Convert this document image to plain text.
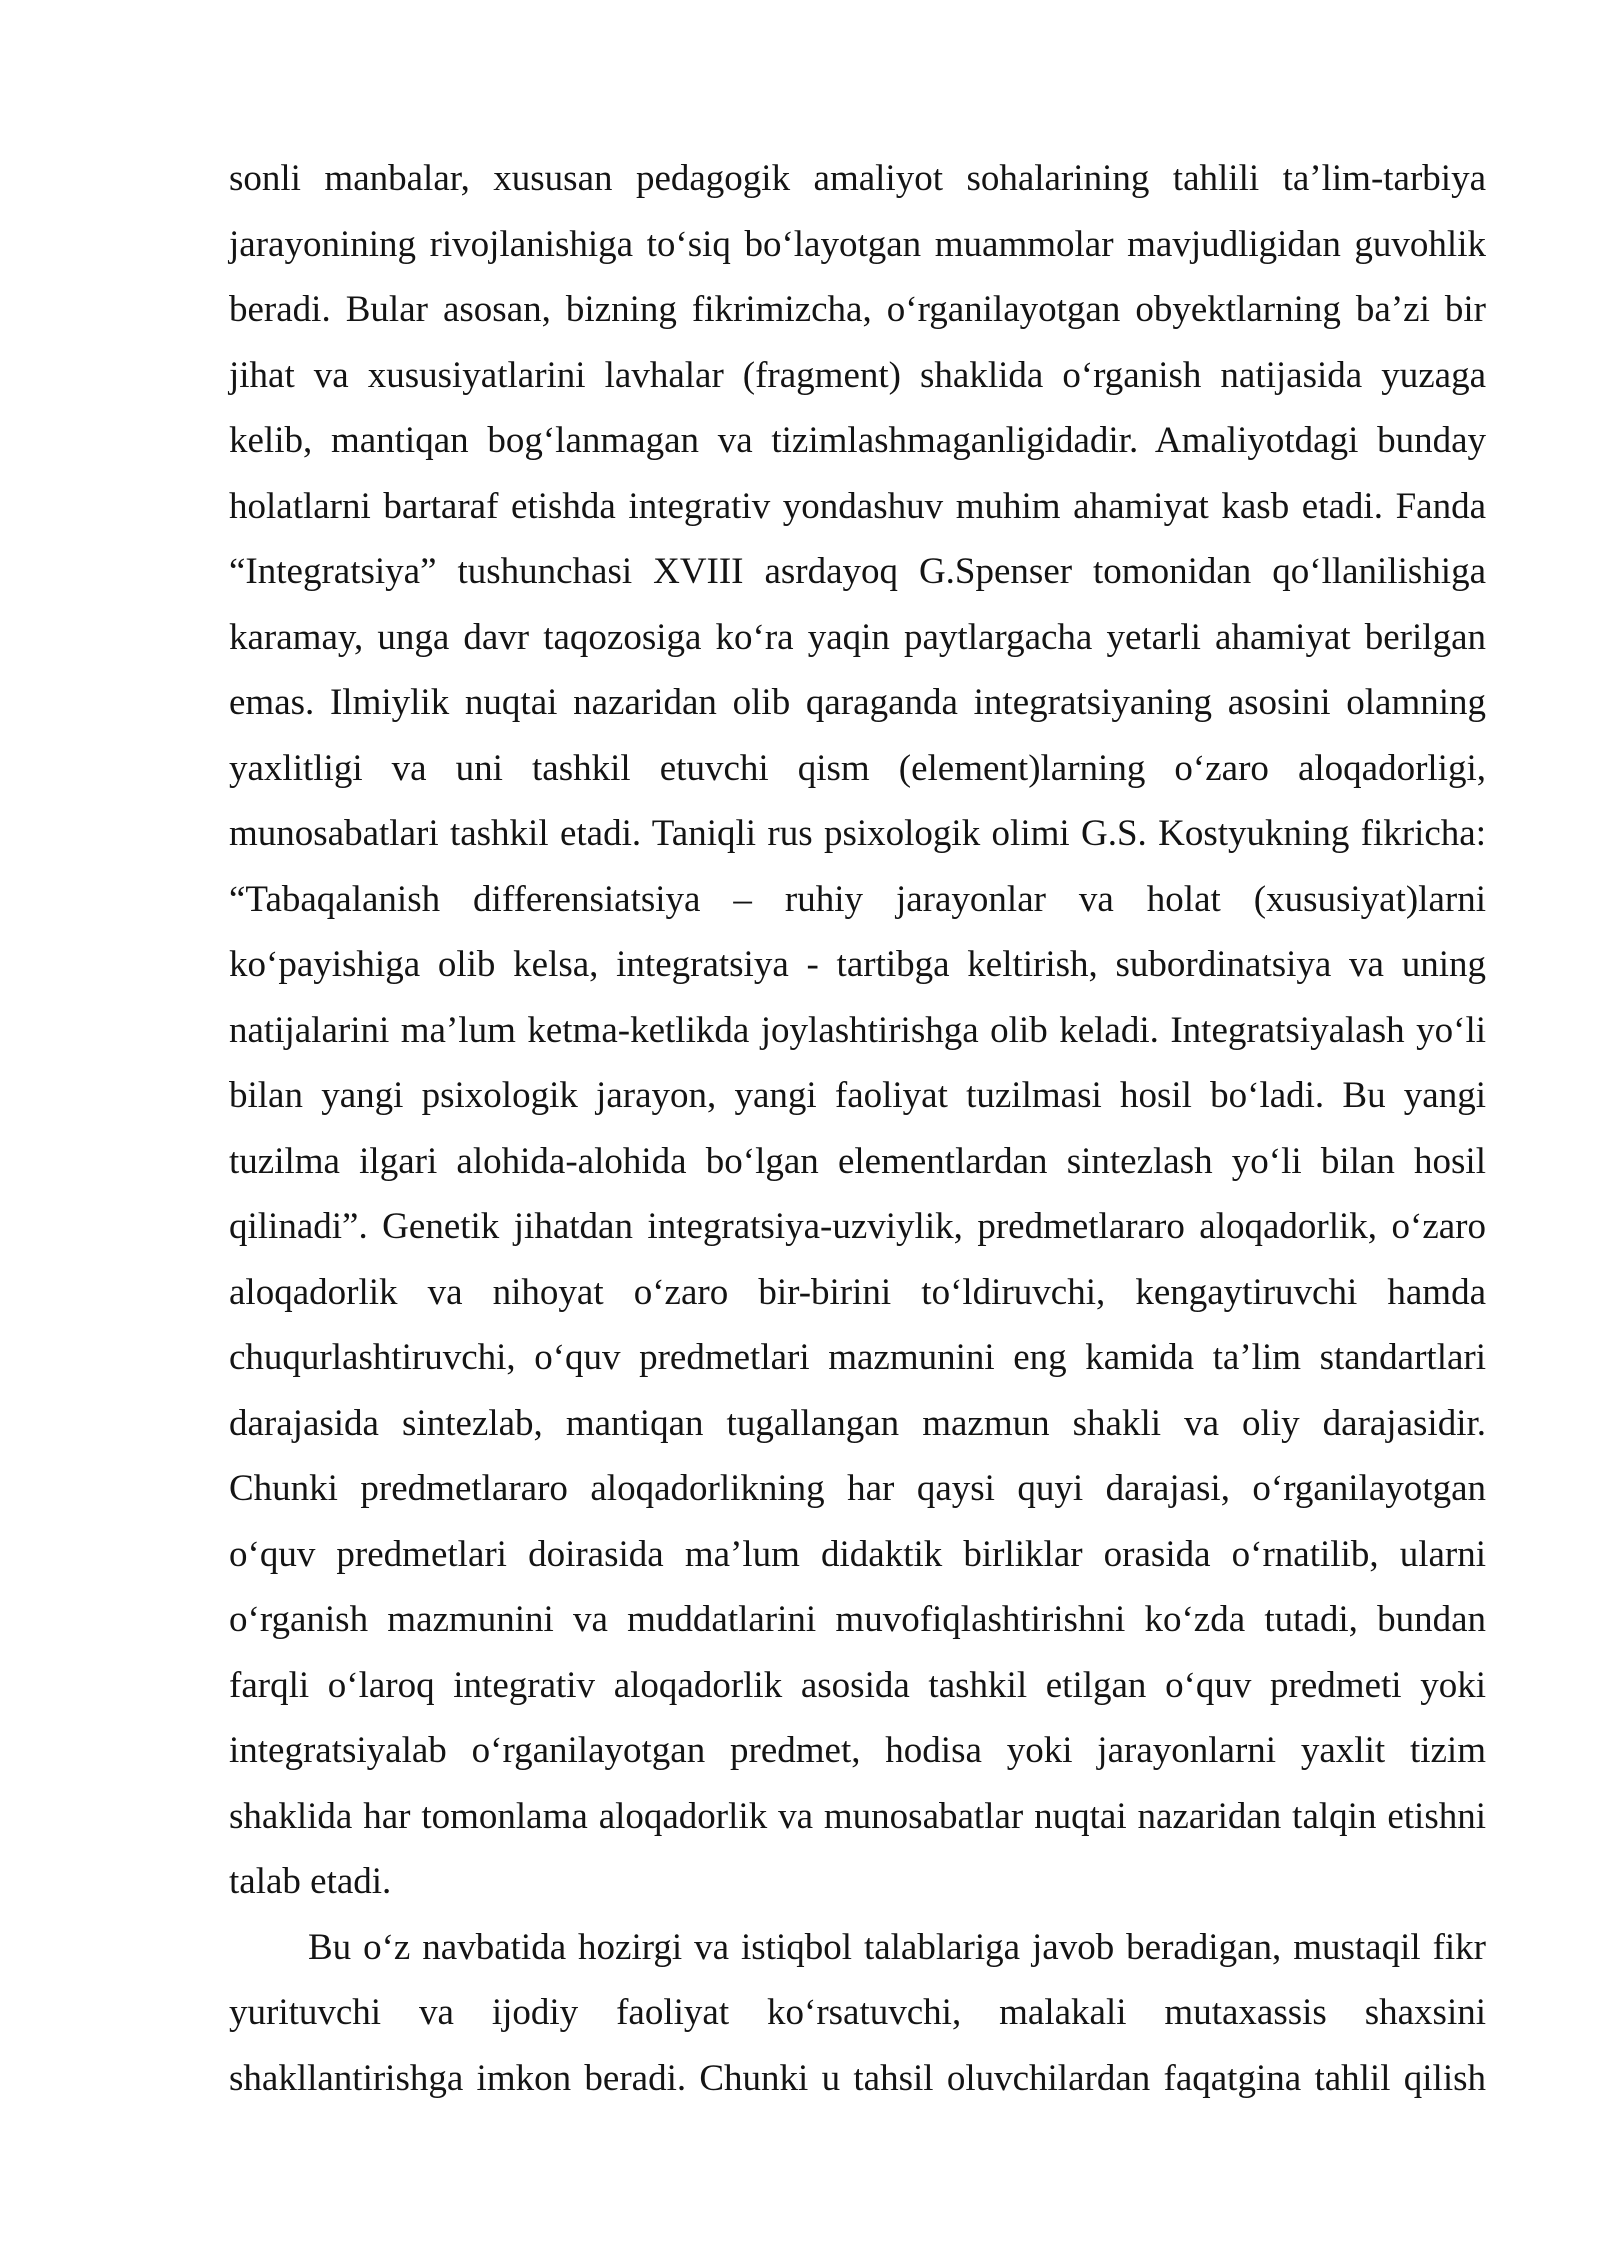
sonli manbalar, xususan pedagogik amaliyot sohalarining tahlili ta’lim-tarbiya
jarayonining rivojlanishiga to‘siq bo‘layotgan muammolar mavjudligidan guvohlik
beradi. Bular asosan, bizning fikrimizcha, o‘rganilayotgan obyektlarning ba’zi bir
jihat va xususiyatlarini lavhalar (fragment) shaklida o‘rganish natijasida yuzaga
kelib, mantiqan bog‘lanmagan va tizimlashmaganligidadir. Amaliyotdagi bunday
holatlarni bartaraf etishda integrativ yondashuv muhim ahamiyat kasb etadi. Fanda
“Integratsiya” tushunchasi XVIII asrdayoq G.Spenser tomonidan qo‘llanilishiga
karamay, unga davr taqozosiga ko‘ra yaqin paytlargacha yetarli ahamiyat berilgan
emas. Ilmiylik nuqtai nazaridan olib qaraganda integratsiyaning asosini olamning
yaxlitligi va uni tashkil etuvchi qism (element)larning o‘zaro aloqadorligi,
munosabatlari tashkil etadi. Taniqli rus psixologik olimi G.S. Kostyukning fikricha:
“Tabaqalanish differensiatsiya – ruhiy jarayonlar va holat (xususiyat)larni
ko‘payishiga olib kelsa, integratsiya - tartibga keltirish, subordinatsiya va uning
natijalarini ma’lum ketma-ketlikda joylashtirishga olib keladi. Integratsiyalash yo‘li
bilan yangi psixologik jarayon, yangi faoliyat tuzilmasi hosil bo‘ladi. Bu yangi
tuzilma ilgari alohida-alohida bo‘lgan elementlardan sintezlash yo‘li bilan hosil
qilinadi”. Genetik jihatdan integratsiya-uzviylik, predmetlararo aloqadorlik, o‘zaro
aloqadorlik va nihoyat o‘zaro bir-birini to‘ldiruvchi, kengaytiruvchi hamda
chuqurlashtiruvchi, o‘quv predmetlari mazmunini eng kamida ta’lim standartlari
darajasida sintezlab, mantiqan tugallangan mazmun shakli va oliy darajasidir.
Chunki predmetlararo aloqadorlikning har qaysi quyi darajasi, o‘rganilayotgan
o‘quv predmetlari doirasida ma’lum didaktik birliklar orasida o‘rnatilib, ularni
o‘rganish mazmunini va muddatlarini muvofiqlashtirishni ko‘zda tutadi, bundan
farqli o‘laroq integrativ aloqadorlik asosida tashkil etilgan o‘quv predmeti yoki
integratsiyalab o‘rganilayotgan predmet, hodisa yoki jarayonlarni yaxlit tizim
shaklida har tomonlama aloqadorlik va munosabatlar nuqtai nazaridan talqin etishni
talab etadi.
Bu o‘z navbatida hozirgi va istiqbol talablariga javob beradigan, mustaqil fikr
yurituvchi va ijodiy faoliyat ko‘rsatuvchi, malakali mutaxassis shaxsini
shakllantirishga imkon beradi. Chunki u tahsil oluvchilardan faqatgina tahlil qilish
